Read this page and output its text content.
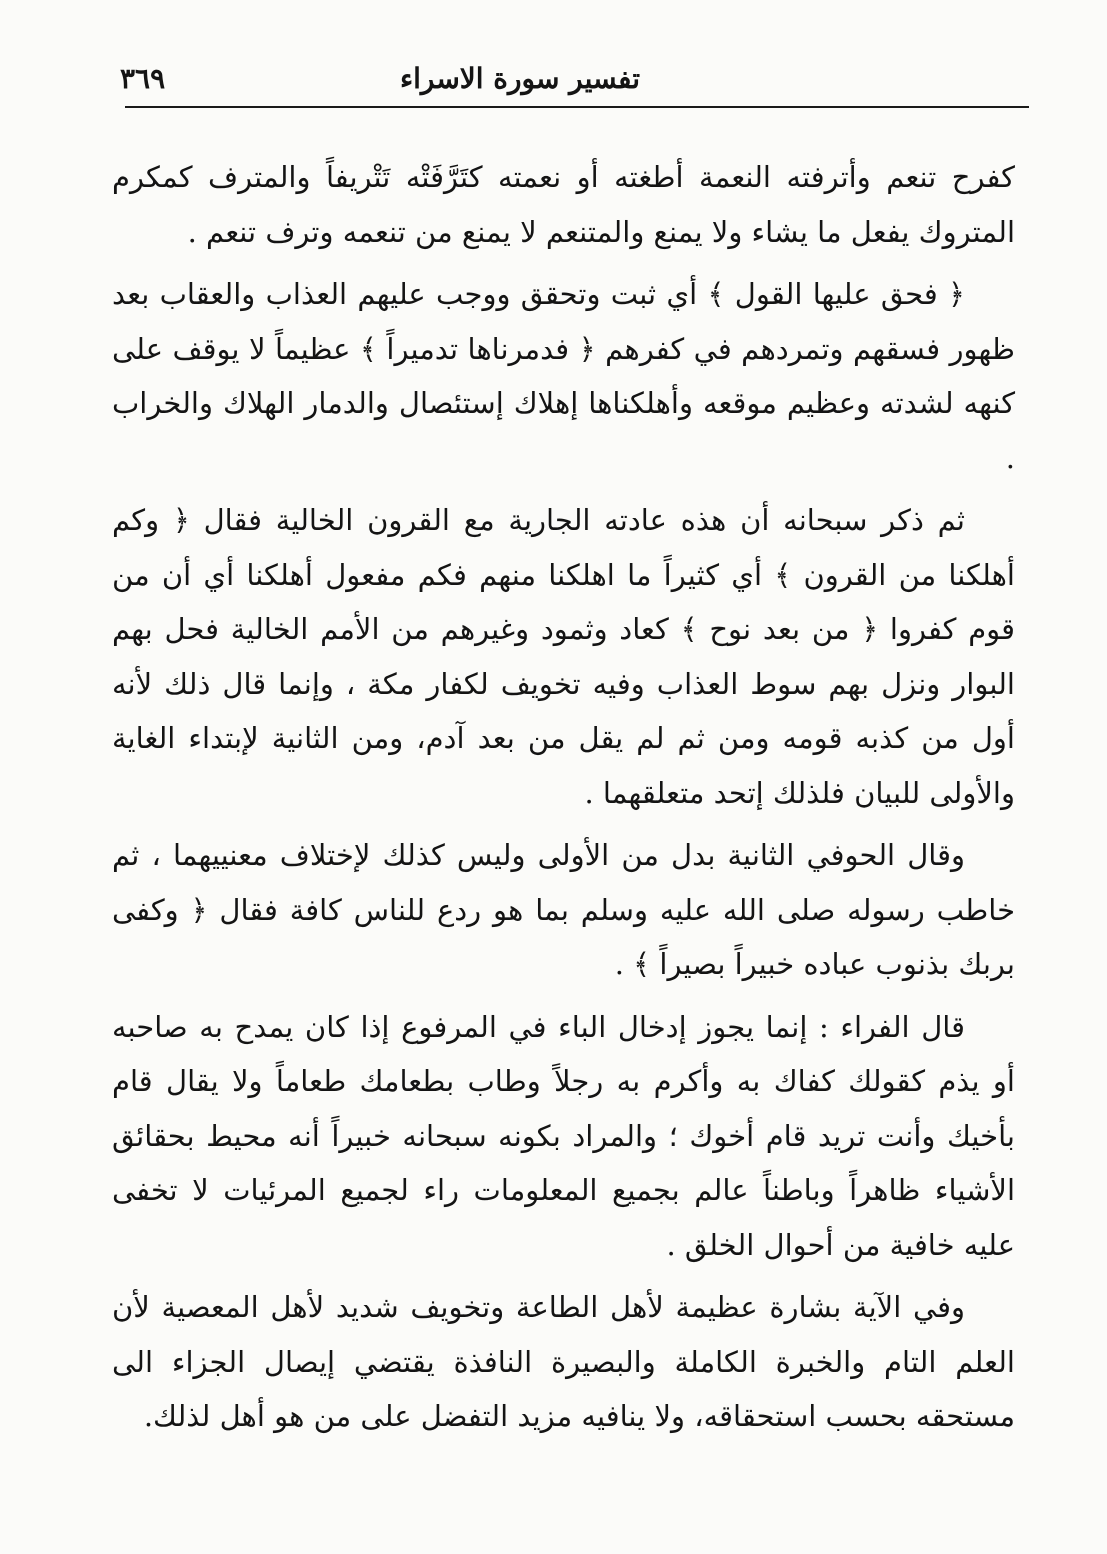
تفسير سورة الاسراء
٣٦٩

كفرح تنعم وأترفته النعمة أطغته أو نعمته كتَرَّفَتْه تَتْريفاً والمترف كمكرم المتروك يفعل ما يشاء ولا يمنع والمتنعم لا يمنع من تنعمه وترف تنعم .

﴿ فحق عليها القول ﴾ أي ثبت وتحقق ووجب عليهم العذاب والعقاب بعد ظهور فسقهم وتمردهم في كفرهم ﴿ فدمرناها تدميراً ﴾ عظيماً لا يوقف على كنهه لشدته وعظيم موقعه وأهلكناها إهلاك إستئصال والدمار الهلاك والخراب .

ثم ذكر سبحانه أن هذه عادته الجارية مع القرون الخالية فقال ﴿ وكم أهلكنا من القرون ﴾ أي كثيراً ما اهلكنا منهم فكم مفعول أهلكنا أي أن من قوم كفروا ﴿ من بعد نوح ﴾ كعاد وثمود وغيرهم من الأمم الخالية فحل بهم البوار ونزل بهم سوط العذاب وفيه تخويف لكفار مكة ، وإنما قال ذلك لأنه أول من كذبه قومه ومن ثم لم يقل من بعد آدم، ومن الثانية لإبتداء الغاية والأولى للبيان فلذلك إتحد متعلقهما .

وقال الحوفي الثانية بدل من الأولى وليس كذلك لإختلاف معنييهما ، ثم خاطب رسوله صلى الله عليه وسلم بما هو ردع للناس كافة فقال ﴿ وكفى بربك بذنوب عباده خبيراً بصيراً ﴾ .

قال الفراء : إنما يجوز إدخال الباء في المرفوع إذا كان يمدح به صاحبه أو يذم كقولك كفاك به وأكرم به رجلاً وطاب بطعامك طعاماً ولا يقال قام بأخيك وأنت تريد قام أخوك ؛ والمراد بكونه سبحانه خبيراً أنه محيط بحقائق الأشياء ظاهراً وباطناً عالم بجميع المعلومات راء لجميع المرئيات لا تخفى عليه خافية من أحوال الخلق .

وفي الآية بشارة عظيمة لأهل الطاعة وتخويف شديد لأهل المعصية لأن العلم التام والخبرة الكاملة والبصيرة النافذة يقتضي إيصال الجزاء الى مستحقه بحسب استحقاقه، ولا ينافيه مزيد التفضل على من هو أهل لذلك.
